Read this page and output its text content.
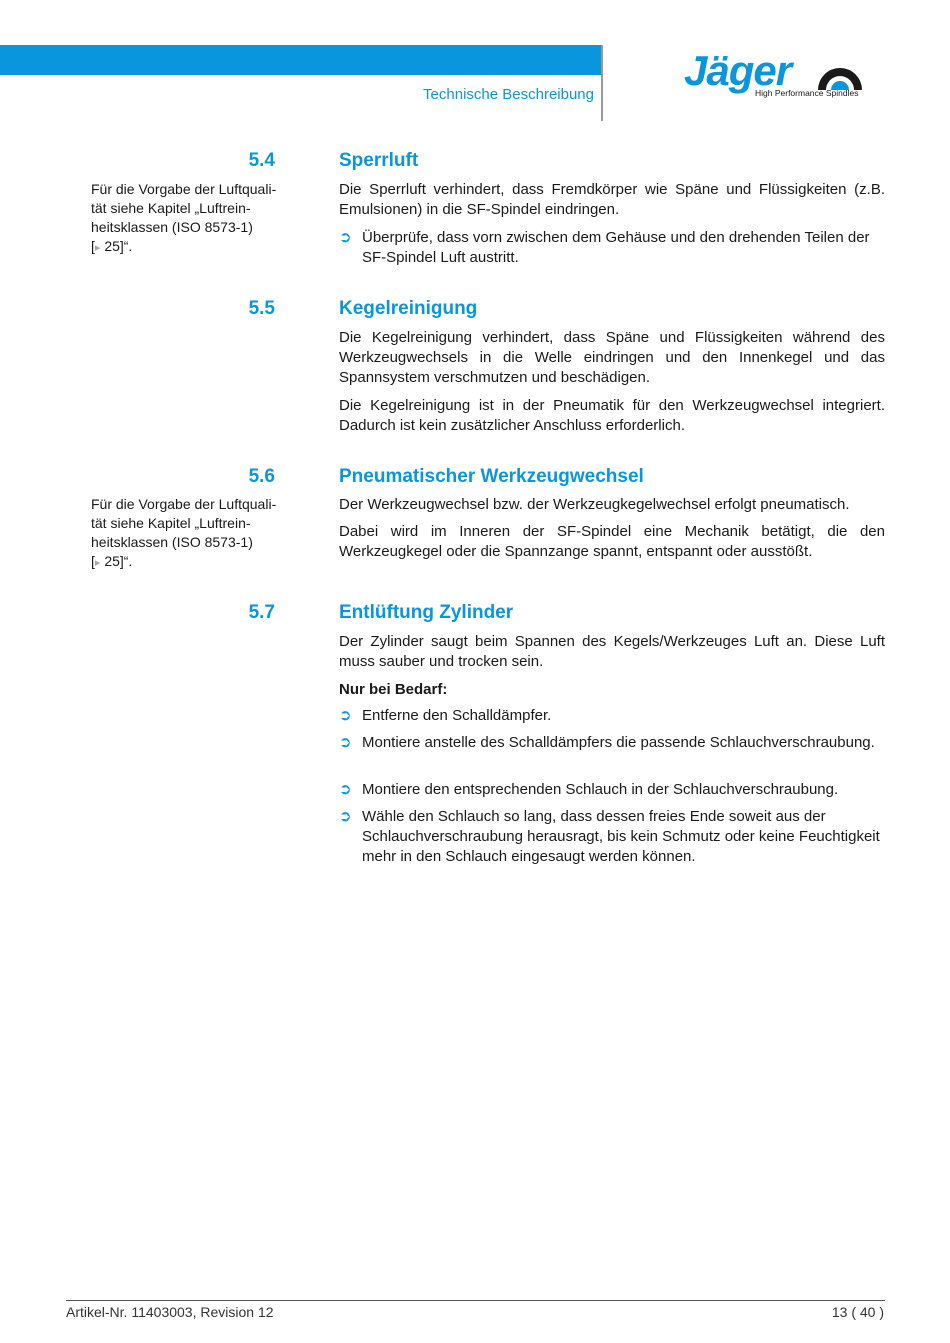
Technische Beschreibung
Jäger
High Performance Spindles
5.4	Sperrluft
Für die Vorgabe der Luftquali-
tät siehe Kapitel „Luftrein-
heitsklassen (ISO 8573-1)
[▸ 25]“.
Die Sperrluft verhindert, dass Fremdkörper wie Späne und Flüssigkeiten (z.B. Emulsionen) in die SF-Spindel eindringen.
➲ Überprüfe, dass vorn zwischen dem Gehäuse und den drehenden Teilen der SF-Spindel Luft austritt.
5.5	Kegelreinigung
Die Kegelreinigung verhindert, dass Späne und Flüssigkeiten während des Werkzeugwechsels in die Welle eindringen und den Innenkegel und das Spannsystem verschmutzen und beschädigen.
Die Kegelreinigung ist in der Pneumatik für den Werkzeugwechsel integriert. Dadurch ist kein zusätzlicher Anschluss erforderlich.
5.6	Pneumatischer Werkzeugwechsel
Für die Vorgabe der Luftquali-
tät siehe Kapitel „Luftrein-
heitsklassen (ISO 8573-1)
[▸ 25]“.
Der Werkzeugwechsel bzw. der Werkzeugkegelwechsel erfolgt pneumatisch.
Dabei wird im Inneren der SF-Spindel eine Mechanik betätigt, die den Werkzeugkegel oder die Spannzange spannt, entspannt oder ausstößt.
5.7	Entlüftung Zylinder
Der Zylinder saugt beim Spannen des Kegels/Werkzeuges Luft an. Diese Luft muss sauber und trocken sein.
Nur bei Bedarf:
➲ Entferne den Schalldämpfer.
➲ Montiere anstelle des Schalldämpfers die passende Schlauchverschraubung.
➲ Montiere den entsprechenden Schlauch in der Schlauchverschraubung.
➲ Wähle den Schlauch so lang, dass dessen freies Ende soweit aus der Schlauchverschraubung herausragt, bis kein Schmutz oder keine Feuchtigkeit mehr in den Schlauch eingesaugt werden können.
Artikel-Nr. 11403003, Revision 12	13 ( 40 )
